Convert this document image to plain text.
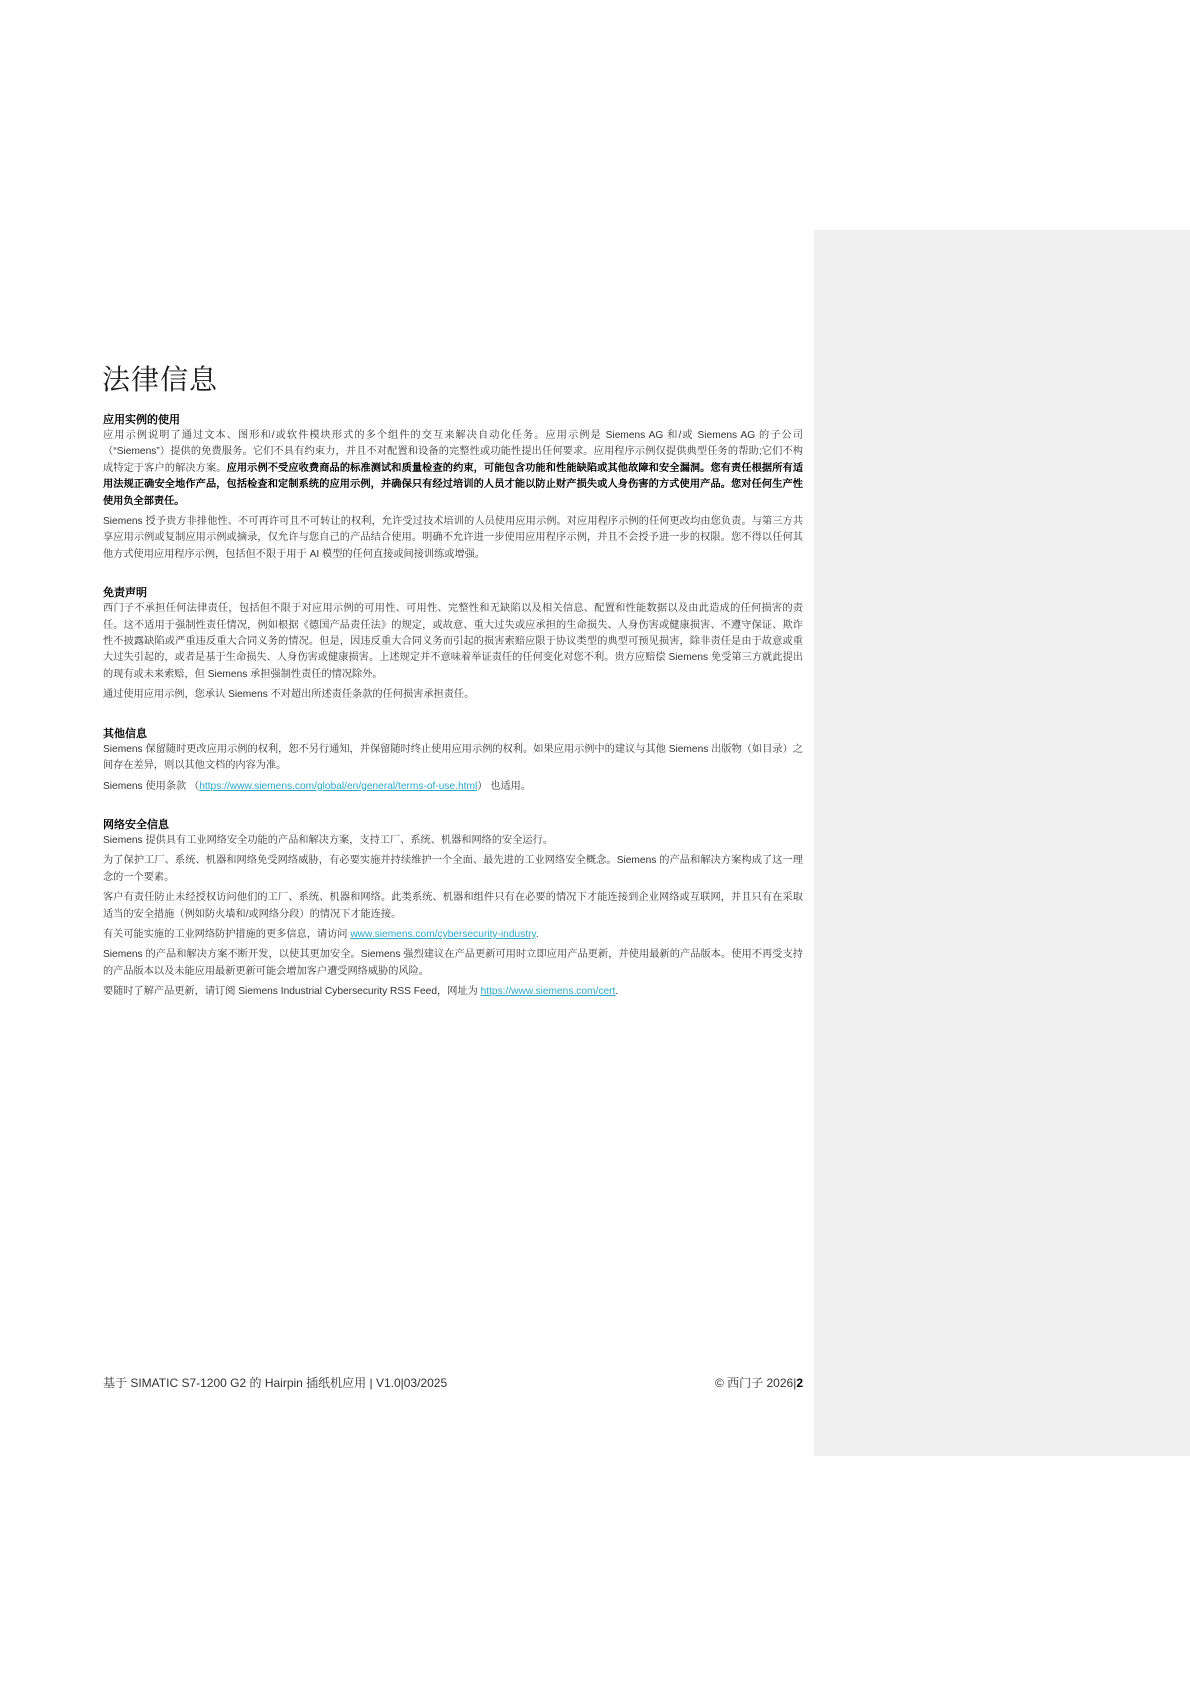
法律信息
应用实例的使用

应用示例说明了通过文本、图形和/或软件模块形式的多个组件的交互来解决自动化任务。应用示例是 Siemens AG 和/或 Siemens AG 的子公司（“Siemens”）提供的免费服务。它们不具有约束力，并且不对配置和设备的完整性或功能性提出任何要求。应用程序示例仅提供典型任务的帮助;它们不构成特定于客户的解决方案。应用示例不受应收费商品的标准测试和质量检查的约束，可能包含功能和性能缺陷或其他故障和安全漏洞。您有责任根据所有适用法规正确安全地作产品，包括检查和定制系统的应用示例，并确保只有经过培训的人员才能以防止财产损失或人身伤害的方式使用产品。您对任何生产性使用负全部责任。

Siemens 授予贵方非排他性、不可再许可且不可转让的权利，允许受过技术培训的人员使用应用示例。对应用程序示例的任何更改均由您负责。与第三方共享应用示例或复制应用示例或摘录，仅允许与您自己的产品结合使用。明确不允许进一步使用应用程序示例，并且不会授予进一步的权限。您不得以任何其他方式使用应用程序示例，包括但不限于用于 AI 模型的任何直接或间接训练或增强。

免责声明

西门子不承担任何法律责任，包括但不限于对应用示例的可用性、可用性、完整性和无缺陷以及相关信息、配置和性能数据以及由此造成的任何损害的责任。这不适用于强制性责任情况，例如根据《德国产品责任法》的规定，或故意、重大过失或应承担的生命损失、人身伤害或健康损害、不遵守保证、欺诈性不披露缺陷或严重违反重大合同义务的情况。但是，因违反重大合同义务而引起的损害索赔应限于协议类型的典型可预见损害，除非责任是由于故意或重大过失引起的，或者是基于生命损失、人身伤害或健康损害。上述规定并不意味着举证责任的任何变化对您不利。贵方应赔偿 Siemens 免受第三方就此提出的现有或未来索赔，但 Siemens 承担强制性责任的情况除外。

通过使用应用示例，您承认 Siemens 不对超出所述责任条款的任何损害承担责任。

其他信息

Siemens 保留随时更改应用示例的权利，恕不另行通知，并保留随时终止使用应用示例的权利。如果应用示例中的建议与其他 Siemens 出版物（如目录）之间存在差异，则以其他文档的内容为准。

Siemens 使用条款 （https://www.siemens.com/global/en/general/terms-of-use.html） 也适用。

网络安全信息

Siemens 提供具有工业网络安全功能的产品和解决方案，支持工厂、系统、机器和网络的安全运行。

为了保护工厂、系统、机器和网络免受网络威胁，有必要实施并持续维护一个全面、最先进的工业网络安全概念。Siemens 的产品和解决方案构成了这一理念的一个要素。

客户有责任防止未经授权访问他们的工厂、系统、机器和网络。此类系统、机器和组件只有在必要的情况下才能连接到企业网络或互联网，并且只有在采取适当的安全措施（例如防火墙和/或网络分段）的情况下才能连接。

有关可能实施的工业网络防护措施的更多信息，请访问 www.siemens.com/cybersecurity-industry.

Siemens 的产品和解决方案不断开发，以使其更加安全。Siemens 强烈建议在产品更新可用时立即应用产品更新，并使用最新的产品版本。使用不再受支持的产品版本以及未能应用最新更新可能会增加客户遭受网络威胁的风险。

要随时了解产品更新，请订阅 Siemens Industrial Cybersecurity RSS Feed，网址为 https://www.siemens.com/cert.

基于 SIMATIC S7-1200 G2 的 Hairpin 插纸机应用 | V1.0|03/2025	© 西门子 2026|2
